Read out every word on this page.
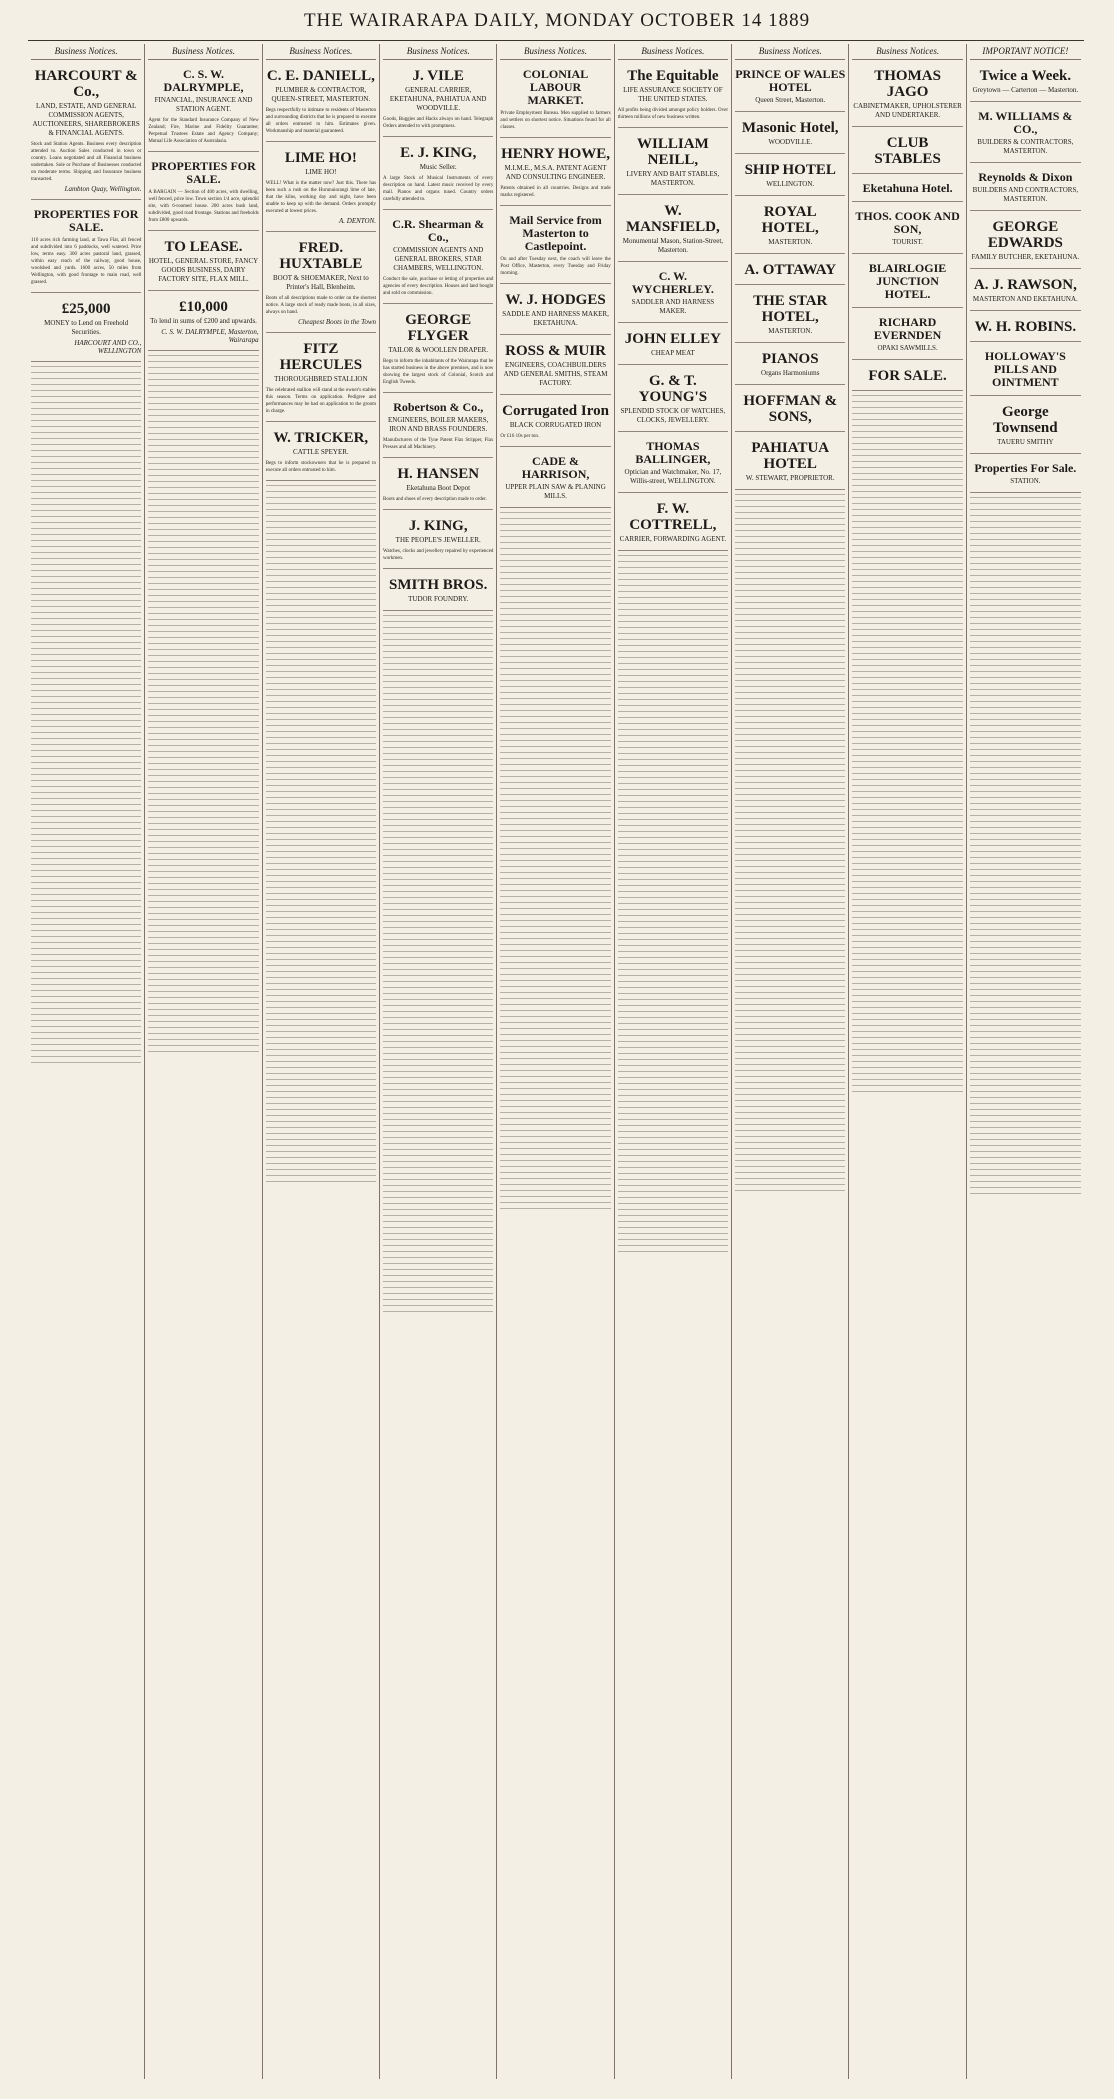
THE WAIRARAPA DAILY, MONDAY OCTOBER 14 1889
Business Notices.
HARCOURT & Co.,
LAND, ESTATE, AND GENERAL COMMISSION AGENTS, AUCTIONEERS, SHAREBROKERS & FINANCIAL AGENTS.
Stock and Station Agents. Business every description attended to. Auction Sales conducted in town or country. Loans negotiated and all Financial business undertaken. Sole or Purchase of Businesses conducted on moderate terms. Shipping and Insurance business transacted.
Lambton Quay, Wellington.
PROPERTIES FOR SALE.
110 acres rich farming land, at Tawa Flat, all fenced and subdivided into 6 paddocks, well watered. Price low, terms easy. 300 acres pastoral land, grassed, within easy reach of the railway, good house, woolshed and yards. 1600 acres, 50 miles from Wellington, with good frontage to main road, well grassed.
£25,000
MONEY to Lend on Freehold Securities.
HARCOURT AND CO., WELLINGTON
Business Notices.
C. S. W. DALRYMPLE,
FINANCIAL, INSURANCE AND STATION AGENT.
Agent for the Standard Insurance Company of New Zealand; Fire, Marine and Fidelity Guarantee; Perpetual Trustees Estate and Agency Company; Mutual Life Association of Australasia.
PROPERTIES FOR SALE.
A BARGAIN — Section of 400 acres, with dwelling, well fenced, price low. Town section 1/4 acre, splendid site, with 6-roomed house. 200 acres bush land, subdivided, good road frontage. Stations and freeholds from £800 upwards.
TO LEASE.
HOTEL, GENERAL STORE, FANCY GOODS BUSINESS, DAIRY FACTORY SITE, FLAX MILL.
£10,000
To lend in sums of £200 and upwards.
C. S. W. DALRYMPLE, Masterton, Wairarapa
Business Notices.
C. E. DANIELL,
PLUMBER & CONTRACTOR, QUEEN-STREET, MASTERTON.
Begs respectfully to intimate to residents of Masterton and surrounding districts that he is prepared to execute all orders entrusted to him. Estimates given. Workmanship and material guaranteed.
LIME HO!
LIME HO!
WELL! What is the matter now? Just this. There has been such a rush on the Hurunuiorangi lime of late, that the kilns, working day and night, have been unable to keep up with the demand. Orders promptly executed at lowest prices.
A. DENTON.
FRED. HUXTABLE
BOOT & SHOEMAKER, Next to Printer's Hall, Blenheim.
Boots of all descriptions made to order on the shortest notice. A large stock of ready made boots, in all sizes, always on hand.
Cheapest Boots in the Town
FITZ HERCULES
THOROUGHBRED STALLION
The celebrated stallion will stand at the owner's stables this season. Terms on application. Pedigree and performances may be had on application to the groom in charge.
W. TRICKER,
CATTLE SPEYER.
Begs to inform stockowners that he is prepared to execute all orders entrusted to him.
Business Notices.
J. VILE
GENERAL CARRIER, EKETAHUNA, PAHIATUA AND WOODVILLE.
Goods, Buggies and Hacks always on hand. Telegraph Orders attended to with promptness.
E. J. KING,
Music Seller.
A large Stock of Musical Instruments of every description on hand. Latest music received by every mail. Pianos and organs tuned. Country orders carefully attended to.
C.R. Shearman & Co.,
COMMISSION AGENTS AND GENERAL BROKERS, STAR CHAMBERS, WELLINGTON.
Conduct the sale, purchase or letting of properties and agencies of every description. Houses and land bought and sold on commission.
GEORGE FLYGER
TAILOR & WOOLLEN DRAPER.
Begs to inform the inhabitants of the Wairarapa that he has started business in the above premises, and is now showing the largest stock of Colonial, Scotch and English Tweeds.
Robertson & Co.,
ENGINEERS, BOILER MAKERS, IRON AND BRASS FOUNDERS.
Manufacturers of the Tyne Patent Flax Stripper, Flax Presses and all Machinery.
H. HANSEN
Eketahuna Boot Depot
Boots and shoes of every description made to order.
J. KING,
THE PEOPLE'S JEWELLER.
Watches, clocks and jewellery repaired by experienced workmen.
SMITH BROS.
TUDOR FOUNDRY.
Business Notices.
COLONIAL LABOUR MARKET.
Private Employment Bureau. Men supplied to farmers and settlers on shortest notice. Situations found for all classes.
HENRY HOWE,
M.I.M.E., M.S.A. PATENT AGENT AND CONSULTING ENGINEER.
Patents obtained in all countries. Designs and trade marks registered.
Mail Service from Masterton to Castlepoint.
On and after Tuesday next, the coach will leave the Post Office, Masterton, every Tuesday and Friday morning.
W. J. HODGES
SADDLE AND HARNESS MAKER, EKETAHUNA.
ROSS & MUIR
ENGINEERS, COACHBUILDERS AND GENERAL SMITHS, STEAM FACTORY.
Corrugated Iron
BLACK CORRUGATED IRON
Or £16 10s per ton.
CADE & HARRISON,
UPPER PLAIN SAW & PLANING MILLS.
Business Notices.
The Equitable
LIFE ASSURANCE SOCIETY OF THE UNITED STATES.
All profits being divided amongst policy holders. Over thirteen millions of new business written.
WILLIAM NEILL,
LIVERY AND BAIT STABLES, MASTERTON.
W. MANSFIELD,
Monumental Mason, Station-Street, Masterton.
C. W. WYCHERLEY.
SADDLER AND HARNESS MAKER.
JOHN ELLEY
CHEAP MEAT
G. & T. YOUNG'S
SPLENDID STOCK OF WATCHES, CLOCKS, JEWELLERY.
THOMAS BALLINGER,
Optician and Watchmaker, No. 17, Willis-street, WELLINGTON.
F. W. COTTRELL,
CARRIER, FORWARDING AGENT.
Business Notices.
PRINCE OF WALES HOTEL
Queen Street, Masterton.
Masonic Hotel,
WOODVILLE.
SHIP HOTEL
WELLINGTON.
ROYAL HOTEL,
MASTERTON.
A. OTTAWAY
THE STAR HOTEL,
MASTERTON.
PIANOS
Organs Harmoniums
HOFFMAN & SONS,
PAHIATUA HOTEL
W. STEWART, PROPRIETOR.
Business Notices.
THOMAS JAGO
CABINETMAKER, UPHOLSTERER AND UNDERTAKER.
CLUB STABLES
Eketahuna Hotel.
THOS. COOK AND SON,
TOURIST.
BLAIRLOGIE JUNCTION HOTEL.
RICHARD EVERNDEN
OPAKI SAWMILLS.
FOR SALE.
IMPORTANT NOTICE!
Twice a Week.
Greytown — Carterton — Masterton.
M. WILLIAMS & CO.,
BUILDERS & CONTRACTORS, MASTERTON.
Reynolds & Dixon
BUILDERS AND CONTRACTORS, MASTERTON.
GEORGE EDWARDS
FAMILY BUTCHER, EKETAHUNA.
A. J. RAWSON,
MASTERTON AND EKETAHUNA.
W. H. ROBINS.
HOLLOWAY'S PILLS AND OINTMENT
George Townsend
TAUERU SMITHY
Properties For Sale.
STATION.
